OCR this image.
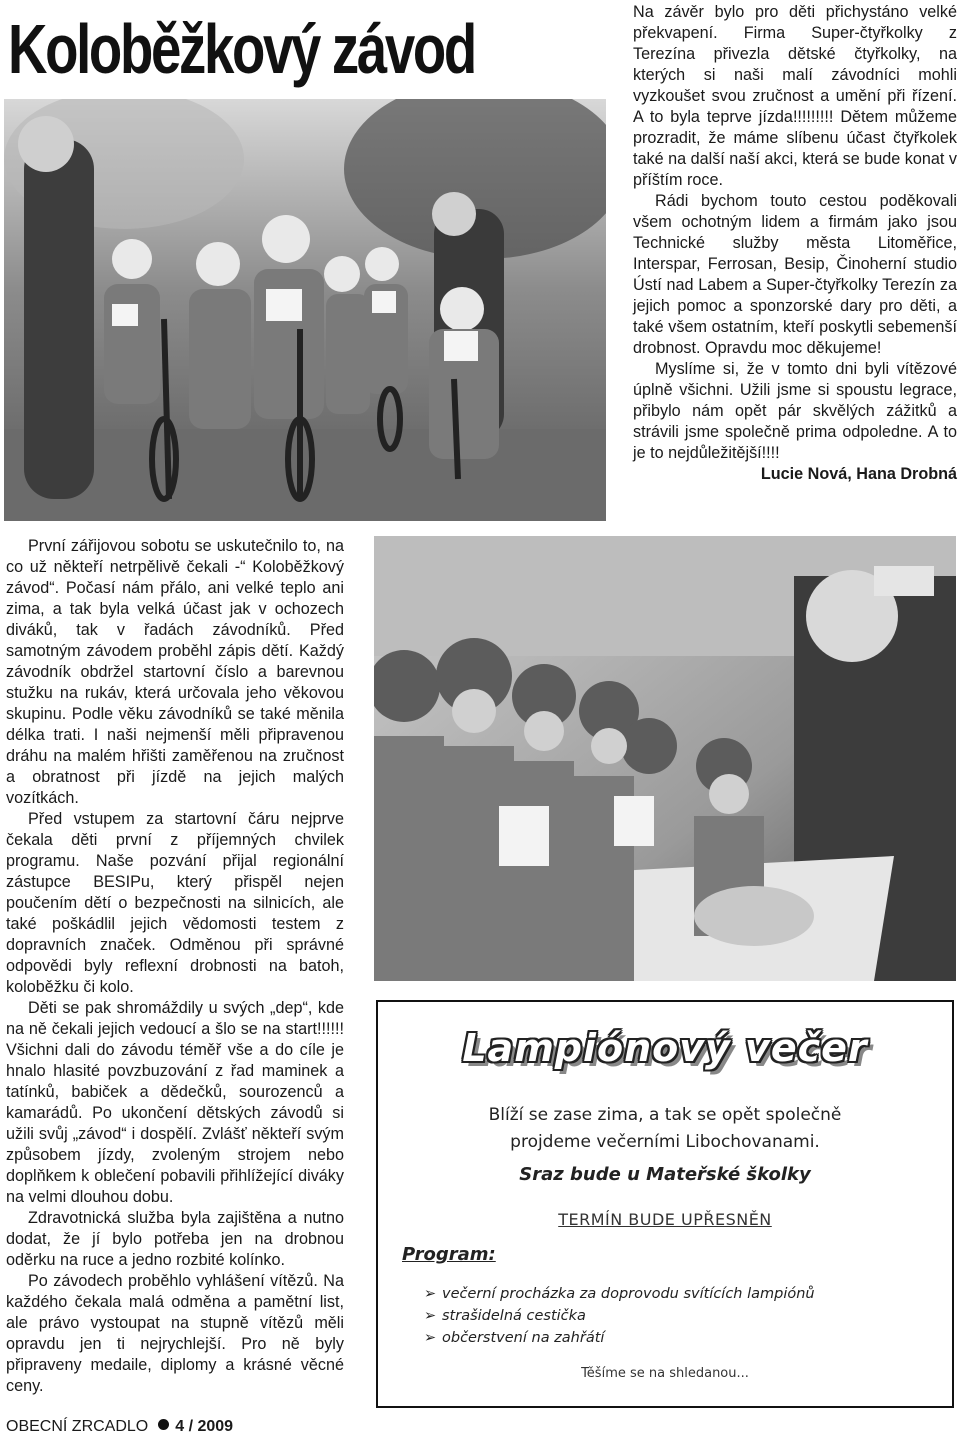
Koloběžkový závod	Na závěr bylo pro děti přichystáno velké překvapení. Firma Super-čtyřkolky z Terezína přivezla dětské čtyřkolky, na kterých si naši malí závodníci mohli vyzkoušet svou zručnost a umění při řízení. A to byla teprve jízda!!!!!!!!! Dětem můžeme prozradit, že máme slíbenu účast čtyřkolek také na další naší akci, která se bude konat v příštím roce.

Rádi bychom touto cestou poděkovali všem ochotným lidem a firmám jako jsou Technické služby města Litoměřice, Interspar, Ferrosan, Besip, Činoherní studio Ústí nad Labem a Super-čtyřkolky Terezín za jejich pomoc a sponzorské dary pro děti, a také všem ostatním, kteří poskytli sebemenší drobnost. Opravdu moc děkujeme!

Myslíme si, že v tomto dni byli vítězové úplně všichni. Užili jsme si spoustu legrace, přibylo nám opět pár skvělých zážitků a strávili jsme společně prima odpoledne. A to je to nejdůležitější!!!!

Lucie Nová, Hana Drobná

První zářijovou sobotu se uskutečnilo to, na co už někteří netrpělivě čekali -“ Koloběžkový závod“. Počasí nám přálo, ani velké teplo ani zima, a tak byla velká účast jak v ochozech diváků, tak v řadách závodníků. Před samotným závodem proběhl zápis dětí. Každý závodník obdržel startovní číslo a barevnou stužku na rukáv, která určovala jeho věkovou skupinu. Podle věku závodníků se také měnila délka trati. I naši nejmenší měli připravenou dráhu na malém hřišti zaměřenou na zručnost a obratnost při jízdě na jejich malých vozítkách.

Před vstupem za startovní čáru nejprve čekala děti první z příjemných chvilek programu. Naše pozvání přijal regionální zástupce BESIPu, který přispěl nejen poučením dětí o bezpečnosti na silnicích, ale také poškádlil jejich vědomosti testem z dopravních značek. Odměnou při správné odpovědi byly reflexní drobnosti na batoh, koloběžku či kolo.

Děti se pak shromáždily u svých „dep“, kde na ně čekali jejich vedoucí a šlo se na start!!!!!! Všichni dali do závodu téměř vše a do cíle je hnalo hlasité povzbuzování z řad maminek a tatínků, babiček a dědečků, sourozenců a kamarádů. Po ukončení dětských závodů si užili svůj „závod“ i dospělí. Zvlášť někteří svým způsobem jízdy, zvoleným strojem nebo doplňkem k oblečení pobavili přihlížející diváky na velmi dlouhou dobu.

Zdravotnická služba byla zajištěna a nutno dodat, že jí bylo potřeba jen na drobnou oděrku na ruce a jedno rozbité kolínko.

Po závodech proběhlo vyhlášení vítězů. Na každého čekala malá odměna a pamětní list, ale právo vystoupat na stupně vítězů měli opravdu jen ti nejrychlejší. Pro ně byly připraveny medaile, diplomy a krásné věcné ceny.

Lampiónový večer
Blíží se zase zima, a tak se opět společně
projdeme večerními Libochovanami.
Sraz bude u Mateřské školky
TERMÍN BUDE UPŘESNĚN
Program:
➢ večerní procházka za doprovodu svítících lampiónů
➢ strašidelná cestička
➢ občerstvení na zahřátí
Těšíme se na shledanou...
OBECNÍ ZRCADLO 4 / 2009
